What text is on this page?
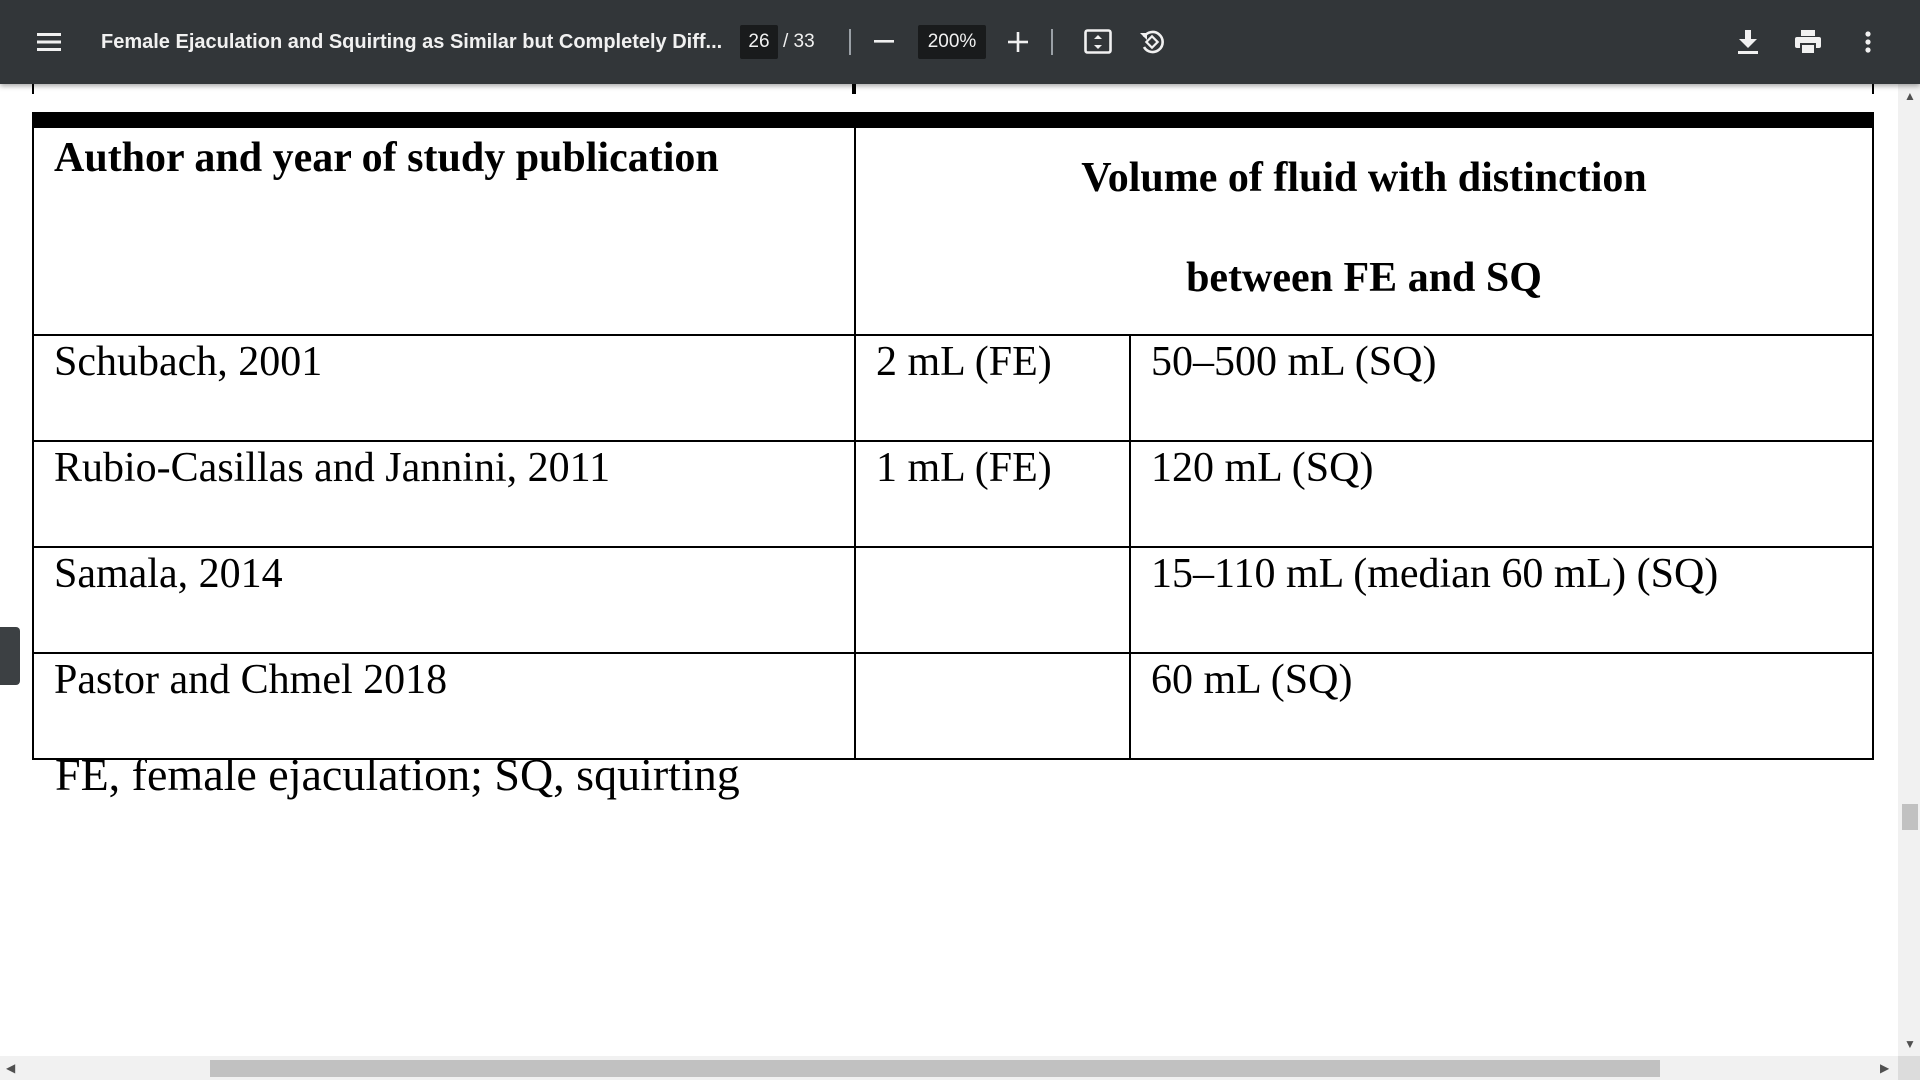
Female Ejaculation and Squirting as Similar but Completely Diff...	26 / 33	200%
Author and year of study publication	Volume of fluid with distinction
between FE and SQ	

Schubach, 2001	2 mL (FE)	50–500 mL (SQ)
Rubio-Casillas and Jannini, 2011	1 mL (FE)	120 mL (SQ)
Samala, 2014		15–110 mL (median 60 mL) (SQ)
Pastor and Chmel 2018		60 mL (SQ)
FE, female ejaculation; SQ, squirting
▲
▼
◀	▶
